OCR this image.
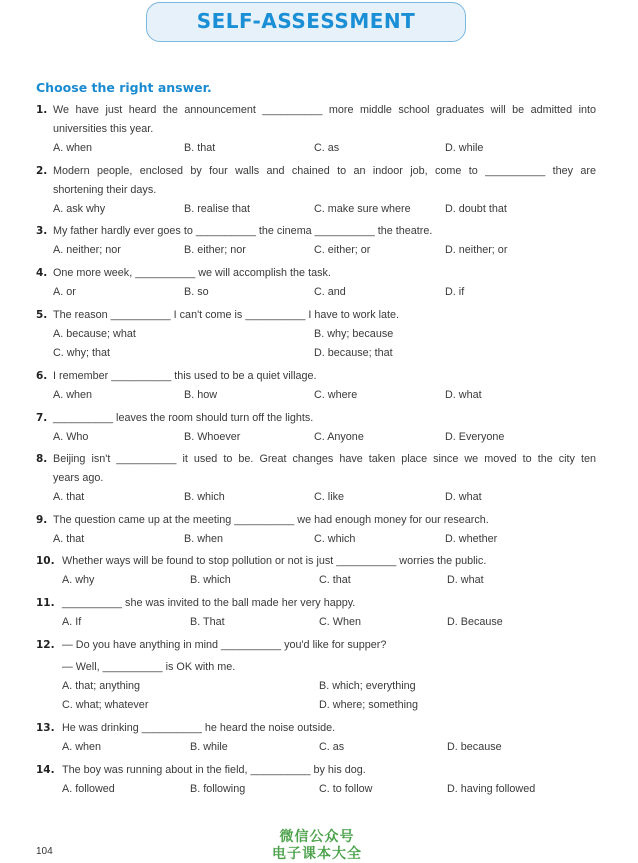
SELF-ASSESSMENT
Choose the right answer.
1. We have just heard the announcement __________ more middle school graduates will be admitted into
universities this year.
A. when	B. that	C. as	D. while
2. Modern people, enclosed by four walls and chained to an indoor job, come to __________ they are
shortening their days.
A. ask why	B. realise that	C. make sure where	D. doubt that
3. My father hardly ever goes to __________ the cinema __________ the theatre.
A. neither; nor	B. either; nor	C. either; or	D. neither; or
4. One more week, __________ we will accomplish the task.
A. or	B. so	C. and	D. if
5. The reason __________ I can't come is __________ I have to work late.
A. because; what	B. why; because
C. why; that	D. because; that
6. I remember __________ this used to be a quiet village.
A. when	B. how	C. where	D. what
7. __________ leaves the room should turn off the lights.
A. Who	B. Whoever	C. Anyone	D. Everyone
8. Beijing isn't __________ it used to be. Great changes have taken place since we moved to the city ten
years ago.
A. that	B. which	C. like	D. what
9. The question came up at the meeting __________ we had enough money for our research.
A. that	B. when	C. which	D. whether
10. Whether ways will be found to stop pollution or not is just __________ worries the public.
A. why	B. which	C. that	D. what
11. __________ she was invited to the ball made her very happy.
A. If	B. That	C. When	D. Because
12. — Do you have anything in mind __________ you'd like for supper?
— Well, __________ is OK with me.
A. that; anything	B. which; everything
C. what; whatever	D. where; something
13. He was drinking __________ he heard the noise outside.
A. when	B. while	C. as	D. because
14. The boy was running about in the field, __________ by his dog.
A. followed	B. following	C. to follow	D. having followed
微信公众号
电子课本大全
104
